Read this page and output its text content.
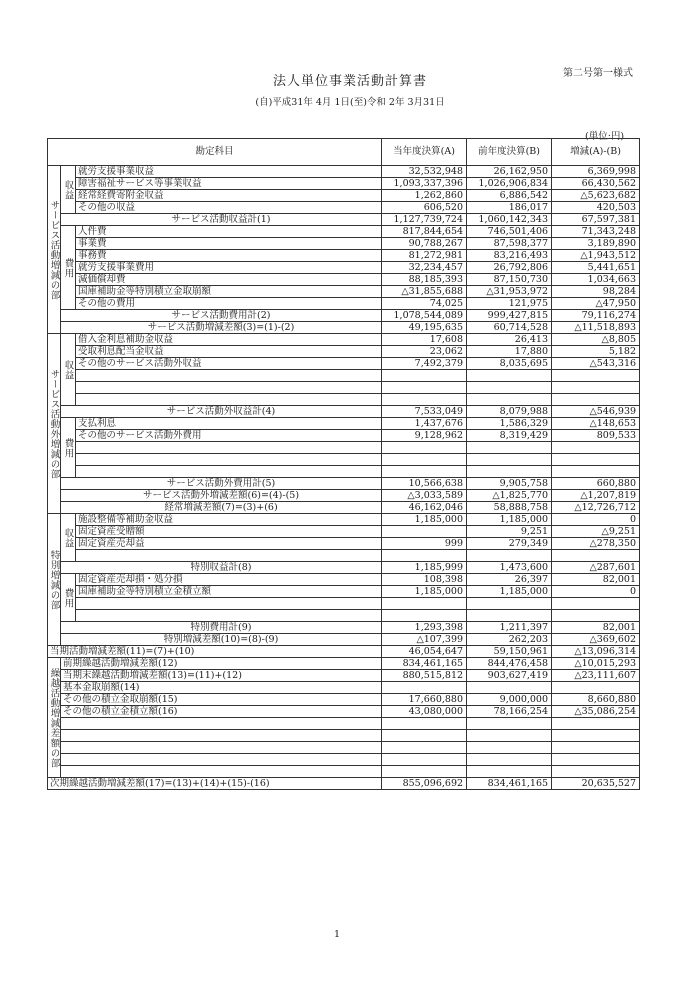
第二号第一様式
法人単位事業活動計算書
(自)平成31年 4月 1日(至)令和 2年 3月31日
(単位:円)
勘定科目			当年度決算(A)	前年度決算(B)	増減(A)-(B)
サービス活動増減の部	収益	就労支援事業収益	32,532,948	26,162,950	6,369,998
		障害福祉サービス等事業収益	1,093,337,396	1,026,906,834	66,430,562
		経常経費寄附金収益	1,262,860	6,886,542	△5,623,682
		その他の収益	606,520	186,017	420,503
	サービス活動収益計(1)		1,127,739,724	1,060,142,343	67,597,381
	費用	人件費	817,844,654	746,501,406	71,343,248
		事業費	90,788,267	87,598,377	3,189,890
		事務費	81,272,981	83,216,493	△1,943,512
		就労支援事業費用	32,234,457	26,792,806	5,441,651
		減価償却費	88,185,393	87,150,730	1,034,663
		国庫補助金等特別積立金取崩額	△31,855,688	△31,953,972	98,284
		その他の費用	74,025	121,975	△47,950
	サービス活動費用計(2)		1,078,544,089	999,427,815	79,116,274
	サービス活動増減差額(3)=(1)-(2)		49,195,635	60,714,528	△11,518,893
サービス活動外増減の部	収益	借入金利息補助金収益	17,608	26,413	△8,805
		受取利息配当金収益	23,062	17,880	5,182
		その他のサービス活動外収益	7,492,379	8,035,695	△543,316

	サービス活動外収益計(4)		7,533,049	8,079,988	△546,939
	費用	支払利息	1,437,676	1,586,329	△148,653
		その他のサービス活動外費用	9,128,962	8,319,429	809,533

	サービス活動外費用計(5)		10,566,638	9,905,758	660,880
	サービス活動外増減差額(6)=(4)-(5)		△3,033,589	△1,825,770	△1,207,819
	経常増減差額(7)=(3)+(6)		46,162,046	58,888,758	△12,726,712
特別増減の部	収益	施設整備等補助金収益	1,185,000	1,185,000	0
		固定資産受贈額		9,251	△9,251
		固定資産売却益	999	279,349	△278,350

	特別収益計(8)		1,185,999	1,473,600	△287,601
	費用	固定資産売却損・処分損	108,398	26,397	82,001
		国庫補助金等特別積立金積立額	1,185,000	1,185,000	0

	特別費用計(9)		1,293,398	1,211,397	82,001
	特別増減差額(10)=(8)-(9)		△107,399	262,203	△369,602
当期活動増減差額(11)=(7)+(10)			46,054,647	59,150,961	△13,096,314
繰越活動増減差額の部	前期繰越活動増減差額(12)		834,461,165	844,476,458	△10,015,293
	当期末繰越活動増減差額(13)=(11)+(12)		880,515,812	903,627,419	△23,111,607
	基本金取崩額(14)				
	その他の積立金取崩額(15)		17,660,880	9,000,000	8,660,880
	その他の積立金積立額(16)		43,080,000	78,166,254	△35,086,254

次期繰越活動増減差額(17)=(13)+(14)+(15)-(16)			855,096,692	834,461,165	20,635,527
1
